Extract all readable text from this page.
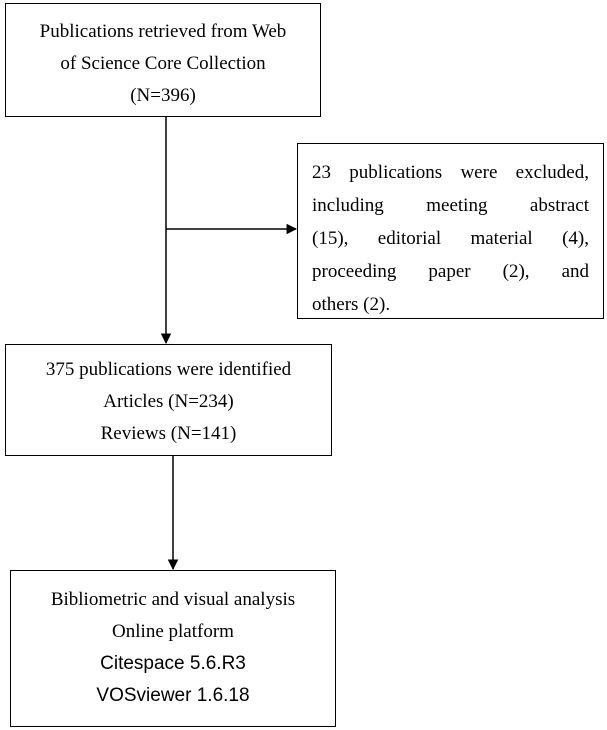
Publications retrieved from Web
of Science Core Collection
(N=396)
23 publications were excluded,
including meeting abstract
(15), editorial material (4),
proceeding paper (2), and
others (2).
375 publications were identified
Articles (N=234)
Reviews (N=141)
Bibliometric and visual analysis
Online platform
Citespace 5.6.R3
VOSviewer 1.6.18
